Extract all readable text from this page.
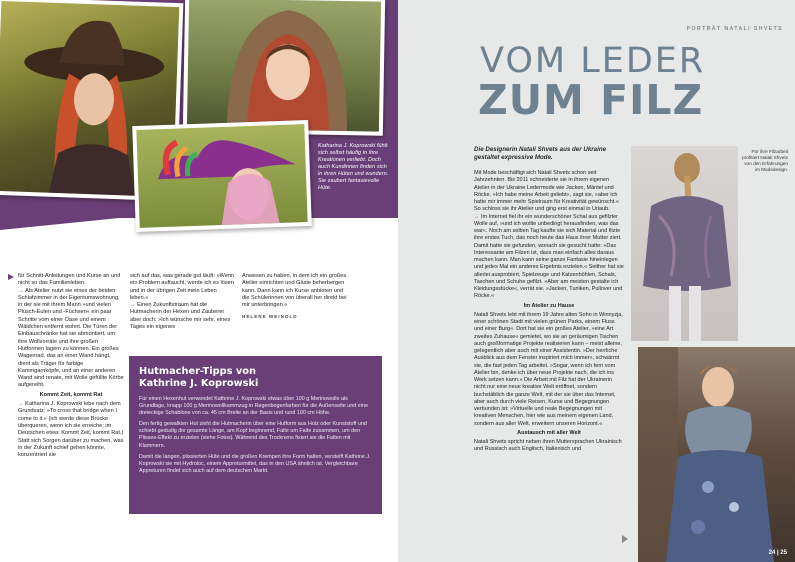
Katharina J. Koprowski fühlt sich selbst häufig in ihre Kreationen verliebt. Doch auch Kundinnen finden sich in ihren Hüten und wundern. Sie zaubert fantasievolle Hüte.

für Schnitt-Anleitungen und Kurse an und nicht so das Familienleben.

→ Als Atelier nutzt sie eines der beiden Schlafzimmer in der Eigentumswohnung, in der sie mit ihrem Mann »und vielen Plüsch-Eulen und -Füchsen« ein paar Schritte vom einer Oase und einem Wäldchen entfernt wohnt. Die Türen der Einbauschränke hat sie abmontiert, um ihre Wollvorräte und ihre großen Hutformen lagern zu können. Ein großes Wagenrad, das an einer Wand hängt, dient als Träger für farbige Kammgarnköpfe, und an einer anderen Wand sind renate, mit Wolle gefüllte Körbe aufgereiht.

Kommt Zeit, kommt Rat

→ Katharina J. Koprowski lebe nach dem Grundsatz: »To cross that bridge when I come to it.« (ich werde diese Brücke überqueren, wenn ich sie erreiche; im Deutschen etwa: Kommt Zeit, kommt Rat.) Statt sich Sorgen darüber zu machen, was in der Zukunft schief gehen könnte, konzentriert sie

sich auf das, was gerade gut läuft: »Wenn ein Problem auftaucht, werde ich es lösen und in der übrigen Zeit mein Leben leben.«

→ Einen Zukunftstraum hat die Hutmacherin der Hexen und Zauberer aber doch: »Ich wünsche mir sehr, eines Tages ein eigenes

Anwesen zu haben, in dem ich ein großes Atelier einrichten und Gäste beherbergen kann. Dann kann ich Kurse anbieten und die Schülerinnen von überall her direkt bei mir unterbringen.«

HELENE WEINOLD
Hutmacher-Tipps von Kathrine J. Koprowski

Für einen Hexenhut verwendet Kathrine J. Koprowski etwas über 100 g Merinowolle als Grundlage, knapp 100 g Merinowollkammzug in Regenbogenfarben für die Außenseite und eine dreieckige Schablone von ca. 45 cm Breite an der Basis und rund 100 cm Höhe.

Den fertig gewalkten Hut zieht die Hutmacherin über eine Hutform aus Holz oder Kunststoff und schiebt gedudig die gesamte Länge, am Kopf beginnend, Falte um Falte zusammen, um den Plissee-Effekt zu erzielen (siehe Fotos). Während des Trocknens fixiert sie die Falten mit Klammern.

Damit die langen, plissierten Hüte und die großen Krempen ihre Form halten, versteift Kathrine J. Koprowski sie mit Hydroloc, einem Appreturmittel, das in den USA ähnlich ist. Vergleichbare Appreturen findet sich auch auf dem deutschen Markt.

PORTRÄT NATALI SHVETS
VOM LEDER
ZUM FILZ
Die Designerin Natali Shvets aus der Ukraine gestaltet expressive Mode.

Mit Mode beschäftigt sich Natali Shvets schon seit Jahrzehnten. Bis 2011 schneiderte sie in ihrem eigenen Atelier in der Ukraine Ledermode wie Jacken, Mäntel und Röcke. »Ich habe meine Arbeit geliebt«, sagt sie, »aber ich hatte mir immer mehr Spielraum für Kreativität gewünscht.« So schloss sie ihr Atelier und ging erst einmal in Urlaub.

→ Im Internet fiel ihr ein wunderschöner Schal aus gefilzter Wolle auf, »und ich wollte unbedingt herausfinden, was das war«. Noch am selben Tag kaufte sie sich Material und filzte ihre erstes Tuch, das noch heute das Haus ihrer Mutter ziert. Damit hatte sie gefunden, wonach sie gesucht hatte: »Das Interessante am Filzen ist, dass man einfach alles daraus machen kann. Man kann seine ganze Fantasie hineinlegen und jedes Mal ein anderes Ergebnis erzielen.« Seither hat sie allerlei ausprobiert, Spielzeuge und Katzenhöhlen, Schals, Taschen und Schuhe gefilzt. »Aber am meisten gestalte ich Kleidungsstücke«, verrät sie. »Jacken, Tuniken, Pullover und Röcke.«

Im Atelier zu Hause

Natali Shvets lebt mit ihrem 19 Jahre alten Sohn in Winnyzja, einer schönen Stadt mit vielen grünen Parks, einem Fluss und einer Burg«. Dort hat sie ein großes Atelier, »eine Art zweites Zuhause« gemietet, wo sie an geräumigen Tischen auch großformatige Projekte realisieren kann – meist alleine, gelegentlich aber auch mit einer Assistentin. »Der herrliche Ausblick aus dem Fenster inspiriert mich immer«, schwärmt sie, die fast jeden Tag arbeitet. »Sogar, wenn ich fern vom Atelier bin, denke ich über neue Projekte nach, die ich ins Werk setzen kann.« Die Arbeit mit Filz hat der Ukrainerin nicht nur eine neue kreative Welt eröffnet, sondern buchstäblich die ganze Welt, mit der sie über das Internet, aber auch durch viele Reisen, Kurse und Begegnungen verbunden ist: »Virtuelle und reale Begegnungen mit kreativen Menschen, hier wie aus meinem eigenen Land, sondern aus aller Welt, erweitern unseren Horizont.«

Austausch mit aller Welt

Natali Shvets spricht neben ihren Muttersprachen Ukrainisch und Russisch auch Englisch, Italienisch und

Für ihre Filzarbeit profitiert Natali Shvets von den Erfahrungen im Modedesign.
24 | 25
